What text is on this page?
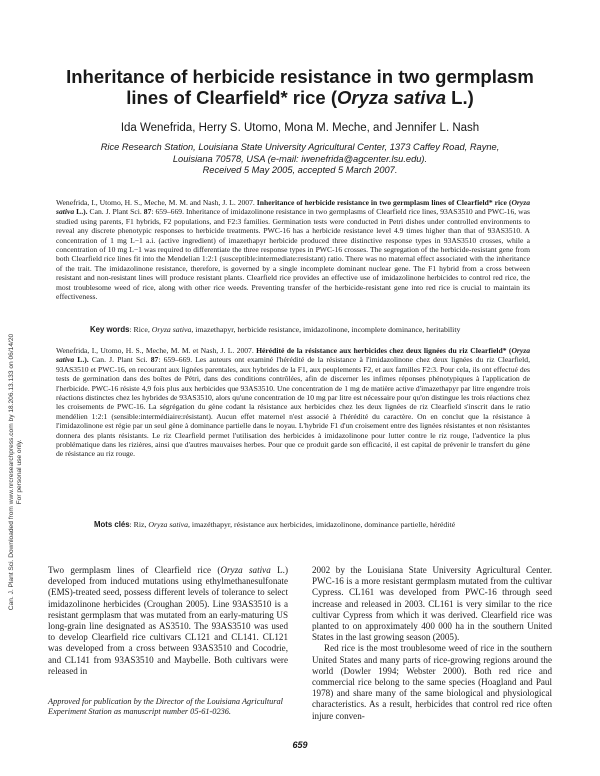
Can. J. Plant Sci. Downloaded from www.nrcresearchpress.com by 18.206.13.133 on 06/14/20 For personal use only.
Inheritance of herbicide resistance in two germplasm lines of Clearfield* rice (Oryza sativa L.)
Ida Wenefrida, Herry S. Utomo, Mona M. Meche, and Jennifer L. Nash
Rice Research Station, Louisiana State University Agricultural Center, 1373 Caffey Road, Rayne,
Louisiana 70578, USA (e-mail: iwenefrida@agcenter.lsu.edu).
Received 5 May 2005, accepted 5 March 2007.
Wenefrida, I., Utomo, H. S., Meche, M. M. and Nash, J. L. 2007. Inheritance of herbicide resistance in two germplasm lines of Clearfield* rice (Oryza sativa L.). Can. J. Plant Sci. 87: 659–669. Inheritance of imidazolinone resistance in two germplasms of Clearfield rice lines, 93AS3510 and PWC-16, was studied using parents, F1 hybrids, F2 populations, and F2:3 families. Germination tests were conducted in Petri dishes under controlled environments to reveal any discrete phenotypic responses to herbicide treatments. PWC-16 has a herbicide resistance level 4.9 times higher than that of 93AS3510. A concentration of 1 mg L−1 a.i. (active ingredient) of imazethapyr herbicide produced three distinctive response types in 93AS3510 crosses, while a concentration of 10 mg L−1 was required to differentiate the three response types in PWC-16 crosses. The segregation of the herbicide-resistant gene from both Clearfield rice lines fit into the Mendelian 1:2:1 (susceptible:intermediate:resistant) ratio. There was no maternal effect associated with the inheritance of the trait. The imidazolinone resistance, therefore, is governed by a single incomplete dominant nuclear gene. The F1 hybrid from a cross between resistant and non-resistant lines will produce resistant plants. Clearfield rice provides an effective use of imidazolinone herbicides to control red rice, the most troublesome weed of rice, along with other rice weeds. Preventing transfer of the herbicide-resistant gene into red rice is crucial to maintain its effectiveness.
Key words: Rice, Oryza sativa, imazethapyr, herbicide resistance, imidazolinone, incomplete dominance, heritability
Wenefrida, I., Utomo, H. S., Meche, M. M. et Nash, J. L. 2007. Hérédité de la résistance aux herbicides chez deux lignées du riz Clearfield* (Oryza sativa L.). Can. J. Plant Sci. 87: 659–669. Les auteurs ont examiné l'hérédité de la résistance à l'imidazolinone chez deux lignées du riz Clearfield, 93AS3510 et PWC-16, en recourant aux lignées parentales, aux hybrides de la F1, aux peuplements F2, et aux familles F2:3. Pour cela, ils ont effectué des tests de germination dans des boîtes de Pétri, dans des conditions contrôlées, afin de discerner les infimes réponses phénotypiques à l'application de l'herbicide. PWC-16 résiste 4,9 fois plus aux herbicides que 93AS3510. Une concentration de 1 mg de matière active d'imazethapyr par litre engendre trois réactions distinctes chez les hybrides de 93AS3510, alors qu'une concentration de 10 mg par litre est nécessaire pour qu'on distingue les trois réactions chez les croisements de PWC-16. La ségrégation du gène codant la résistance aux herbicides chez les deux lignées de riz Clearfield s'inscrit dans le ratio mendélien 1:2:1 (sensible:intermédiaire:résistant). Aucun effet maternel n'est associé à l'hérédité du caractère. On en conclut que la résistance à l'imidazolinone est régie par un seul gène à dominance partielle dans le noyau. L'hybride F1 d'un croisement entre des lignées résistantes et non résistantes donnera des plants résistants. Le riz Clearfield permet l'utilisation des herbicides à imidazolinone pour lutter contre le riz rouge, l'adventice la plus problématique dans les rizières, ainsi que d'autres mauvaises herbes. Pour que ce produit garde son efficacité, il est capital de prévenir le transfert du gène de résistance au riz rouge.
Mots clés: Riz, Oryza sativa, imazéthapyr, résistance aux herbicides, imidazolinone, dominance partielle, hérédité
Two germplasm lines of Clearfield rice (Oryza sativa L.) developed from induced mutations using ethylmethanesulfonate (EMS)-treated seed, possess different levels of tolerance to select imidazolinone herbicides (Croughan 2005). Line 93AS3510 is a resistant germplasm that was mutated from an early-maturing US long-grain line designated as AS3510. The 93AS3510 was used to develop Clearfield rice cultivars CL121 and CL141. CL121 was developed from a cross between 93AS3510 and Cocodrie, and CL141 from 93AS3510 and Maybelle. Both cultivars were released in
Approved for publication by the Director of the Louisiana Agricultural Experiment Station as manuscript number 05-61-0236.

2002 by the Louisiana State University Agricultural Center. PWC-16 is a more resistant germplasm mutated from the cultivar Cypress. CL161 was developed from PWC-16 through seed increase and released in 2003. CL161 is very similar to the rice cultivar Cypress from which it was derived. Clearfield rice was planted to on approximately 400 000 ha in the southern United States in the last growing season (2005).

Red rice is the most troublesome weed of rice in the southern United States and many parts of rice-growing regions around the world (Dowler 1994; Webster 2000). Both red rice and commercial rice belong to the same species (Hoagland and Paul 1978) and share many of the same biological and physiological characteristics. As a result, herbicides that control red rice often injure conven-

659
